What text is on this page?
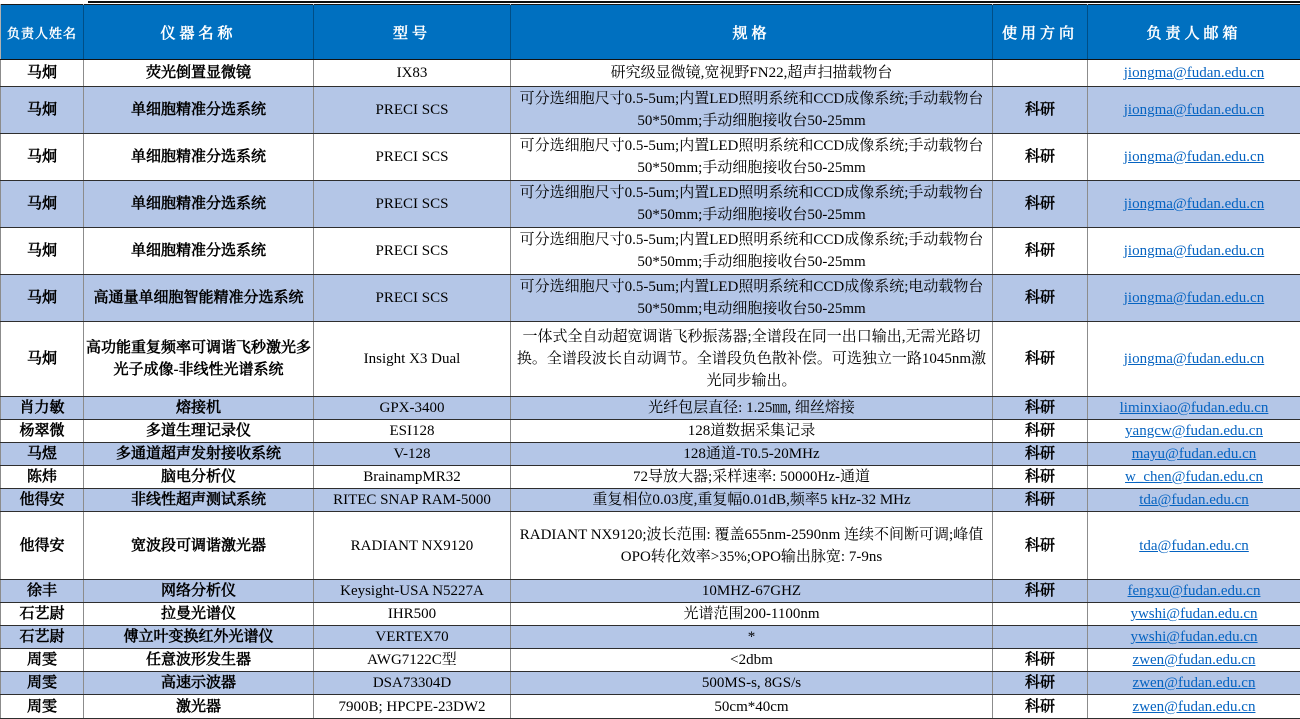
负责人姓名	仪器名称	型号	规格	使用方向	负责人邮箱
马炯	荧光倒置显微镜	IX83	研究级显微镜,宽视野FN22,超声扫描载物台		jiongma@fudan.edu.cn
马炯	单细胞精准分选系统	PRECI SCS	可分选细胞尺寸0.5-5um;内置LED照明系统和CCD成像系统;手动载物台50*50mm;手动细胞接收台50-25mm	科研	jiongma@fudan.edu.cn
马炯	单细胞精准分选系统	PRECI SCS	可分选细胞尺寸0.5-5um;内置LED照明系统和CCD成像系统;手动载物台50*50mm;手动细胞接收台50-25mm	科研	jiongma@fudan.edu.cn
马炯	单细胞精准分选系统	PRECI SCS	可分选细胞尺寸0.5-5um;内置LED照明系统和CCD成像系统;手动载物台50*50mm;手动细胞接收台50-25mm	科研	jiongma@fudan.edu.cn
马炯	单细胞精准分选系统	PRECI SCS	可分选细胞尺寸0.5-5um;内置LED照明系统和CCD成像系统;手动载物台50*50mm;手动细胞接收台50-25mm	科研	jiongma@fudan.edu.cn
马炯	高通量单细胞智能精准分选系统	PRECI SCS	可分选细胞尺寸0.5-5um;内置LED照明系统和CCD成像系统;电动载物台50*50mm;电动细胞接收台50-25mm	科研	jiongma@fudan.edu.cn
马炯	高功能重复频率可调谐飞秒激光多光子成像-非线性光谱系统	Insight X3 Dual	一体式全自动超宽调谐飞秒振荡器;全谱段在同一出口输出,无需光路切换。全谱段波长自动调节。全谱段负色散补偿。可选独立一路1045nm激光同步输出。	科研	jiongma@fudan.edu.cn
肖力敏	熔接机	GPX-3400	光纤包层直径: 1.25㎜, 细丝熔接	科研	liminxiao@fudan.edu.cn
杨翠微	多道生理记录仪	ESI128	128道数据采集记录	科研	yangcw@fudan.edu.cn
马煜	多通道超声发射接收系统	V-128	128通道-T0.5-20MHz	科研	mayu@fudan.edu.cn
陈炜	脑电分析仪	BrainampMR32	72导放大器;采样速率: 50000Hz-通道	科研	w_chen@fudan.edu.cn
他得安	非线性超声测试系统	RITEC SNAP RAM-5000	重复相位0.03度,重复幅0.01dB,频率5 kHz-32 MHz	科研	tda@fudan.edu.cn
他得安	宽波段可调谐激光器	RADIANT NX9120	RADIANT NX9120;波长范围: 覆盖655nm-2590nm 连续不间断可调;峰值OPO转化效率>35%;OPO输出脉宽: 7-9ns	科研	tda@fudan.edu.cn
徐丰	网络分析仪	Keysight-USA N5227A	10MHZ-67GHZ	科研	fengxu@fudan.edu.cn
石艺尉	拉曼光谱仪	IHR500	光谱范围200-1100nm		ywshi@fudan.edu.cn
石艺尉	傅立叶变换红外光谱仪	VERTEX70	*		ywshi@fudan.edu.cn
周雯	任意波形发生器	AWG7122C型	<2dbm	科研	zwen@fudan.edu.cn
周雯	高速示波器	DSA73304D	500MS-s, 8GS/s	科研	zwen@fudan.edu.cn
周雯	激光器	7900B; HPCPE-23DW2	50cm*40cm	科研	zwen@fudan.edu.cn
